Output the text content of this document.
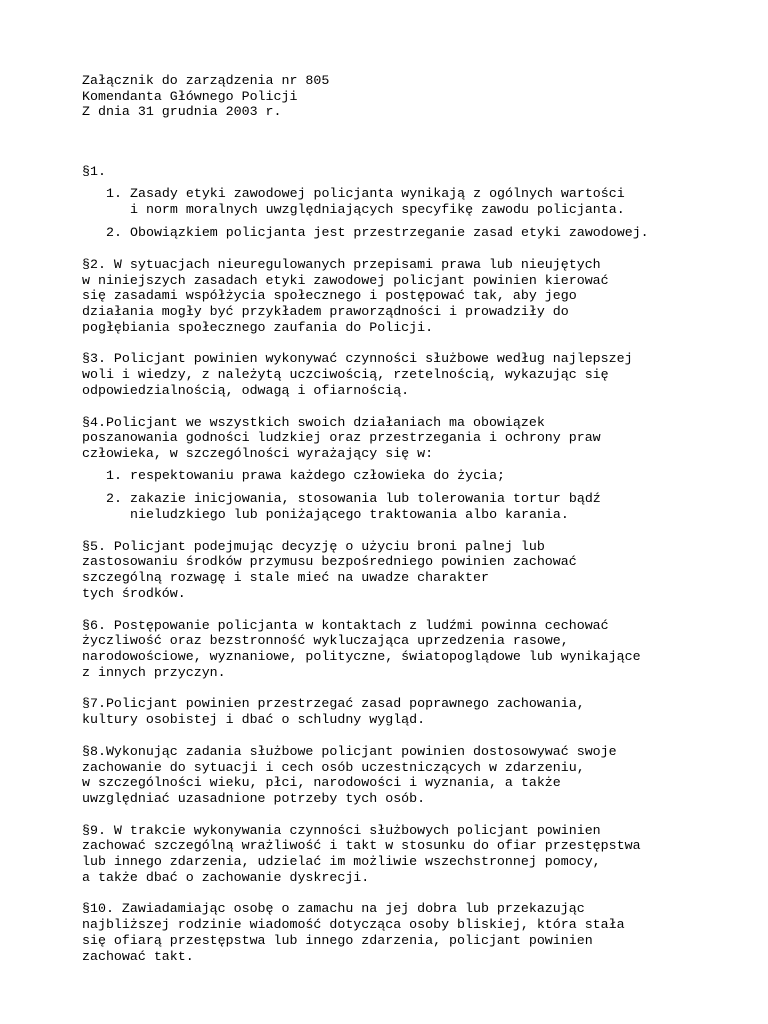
Załącznik do zarządzenia nr 805
Komendanta Głównego Policji
Z dnia 31 grudnia 2003 r.
§1.
1. Zasady etyki zawodowej policjanta wynikają z ogólnych wartości
i norm moralnych uwzględniających specyfikę zawodu policjanta.
2. Obowiązkiem policjanta jest przestrzeganie zasad etyki zawodowej.
§2. W sytuacjach nieuregulowanych przepisami prawa lub nieujętych
w niniejszych zasadach etyki zawodowej policjant powinien kierować
się zasadami współżycia społecznego i postępować tak, aby jego
działania mogły być przykładem praworządności i prowadziły do
pogłębiania społecznego zaufania do Policji.
§3. Policjant powinien wykonywać czynności służbowe według najlepszej
woli i wiedzy, z należytą uczciwością, rzetelnością, wykazując się
odpowiedzialnością, odwagą i ofiarnością.
§4.Policjant we wszystkich swoich działaniach ma obowiązek
poszanowania godności ludzkiej oraz przestrzegania i ochrony praw
człowieka, w szczególności wyrażający się w:
1. respektowaniu prawa każdego człowieka do życia;
2. zakazie inicjowania, stosowania lub tolerowania tortur bądź
nieludzkiego lub poniżającego traktowania albo karania.
§5. Policjant podejmując decyzję o użyciu broni palnej lub
zastosowaniu środków przymusu bezpośredniego powinien zachować
szczególną rozwagę i stale mieć na uwadze charakter
tych środków.
§6. Postępowanie policjanta w kontaktach z ludźmi powinna cechować
życzliwość oraz bezstronność wykluczająca uprzedzenia rasowe,
narodowościowe, wyznaniowe, polityczne, światopoglądowe lub wynikające
z innych przyczyn.
§7.Policjant powinien przestrzegać zasad poprawnego zachowania,
kultury osobistej i dbać o schludny wygląd.
§8.Wykonując zadania służbowe policjant powinien dostosowywać swoje
zachowanie do sytuacji i cech osób uczestniczących w zdarzeniu,
w szczególności wieku, płci, narodowości i wyznania, a także
uwzględniać uzasadnione potrzeby tych osób.
§9. W trakcie wykonywania czynności służbowych policjant powinien
zachować szczególną wrażliwość i takt w stosunku do ofiar przestępstwa
lub innego zdarzenia, udzielać im możliwie wszechstronnej pomocy,
a także dbać o zachowanie dyskrecji.
§10. Zawiadamiając osobę o zamachu na jej dobra lub przekazując
najbliższej rodzinie wiadomość dotycząca osoby bliskiej, która stała
się ofiarą przestępstwa lub innego zdarzenia, policjant powinien
zachować takt.
